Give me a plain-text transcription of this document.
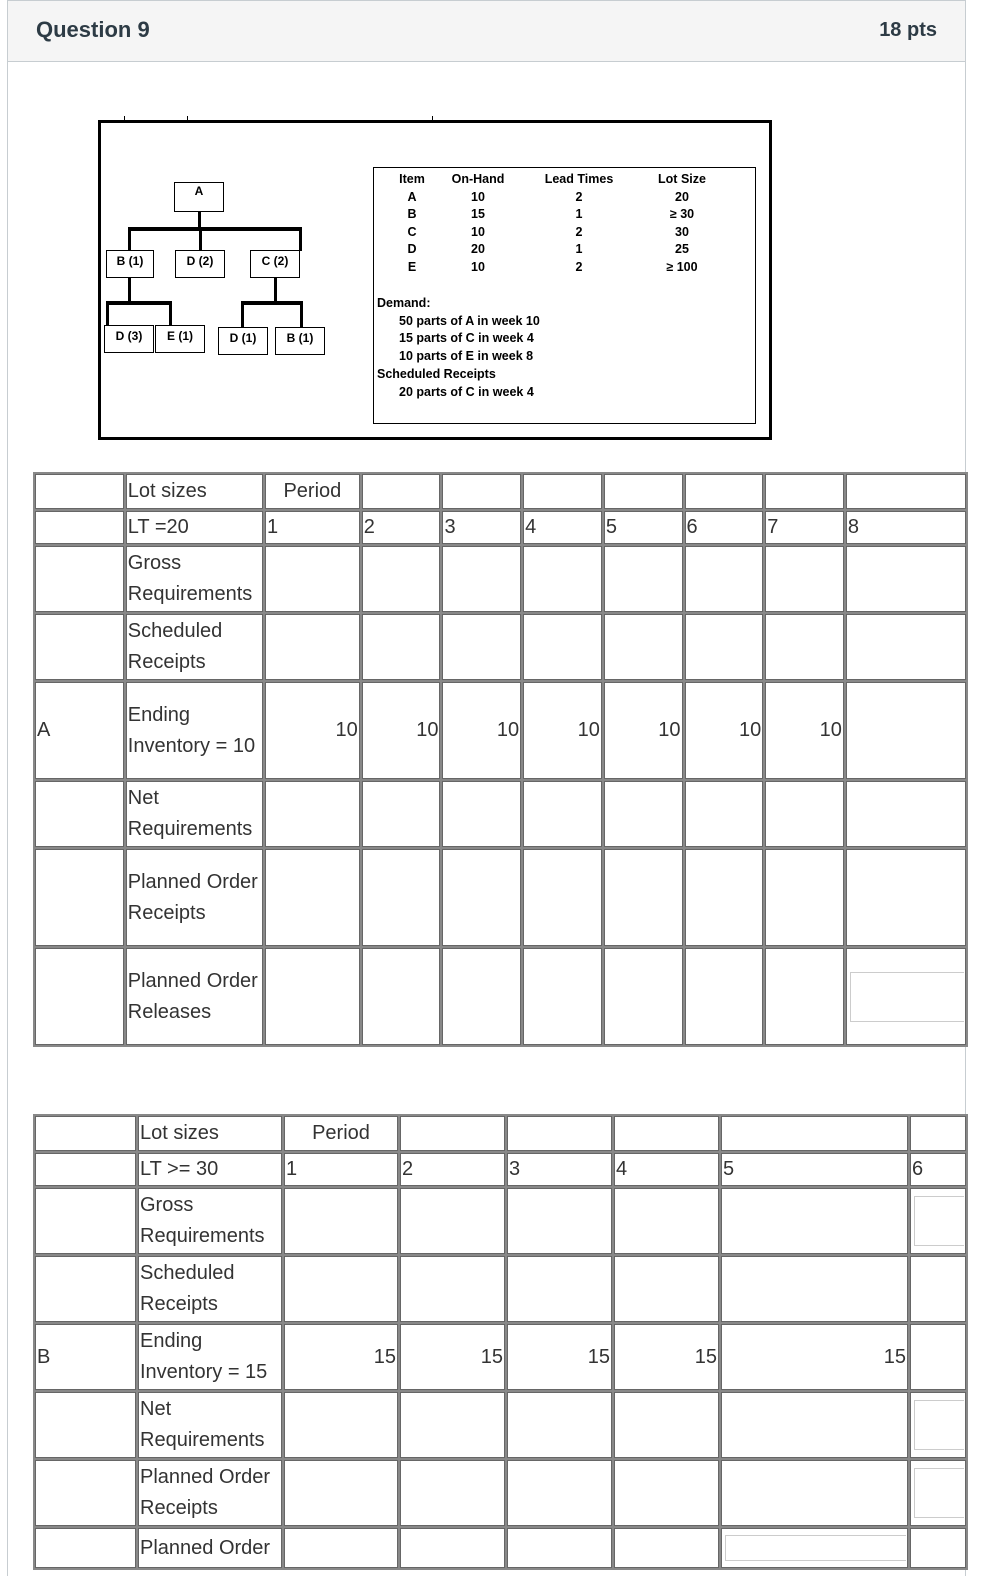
Question 9	18 pts
A
B (1)	D (2)	C (2)
D (3)	E (1)	D (1)	B (1)
Item	On-Hand	Lead Times	Lot Size
A	10	2	20
B	15	1	≥ 30
C	10	2	30
D	20	1	25
E	10	2	≥ 100
Demand:
50 parts of A in week 10
15 parts of C in week 4
10 parts of E in week 8
Scheduled Receipts
20 parts of C in week 4
	Lot sizes	Period							
	LT =20	1	2	3	4	5	6	7	8
	Gross Requirements								
	Scheduled Receipts								
A	Ending Inventory = 10	10	10	10	10	10	10	10	
	Net Requirements								
	Planned Order Receipts								
	Planned Order Releases								
	Lot sizes	Period					
	LT >= 30	1	2	3	4	5	6
	Gross Requirements						

	Scheduled Receipts						
B	Ending Inventory = 15	15	15	15	15	15	
	Net Requirements						

	Planned Order Receipts						

	Planned Order					
